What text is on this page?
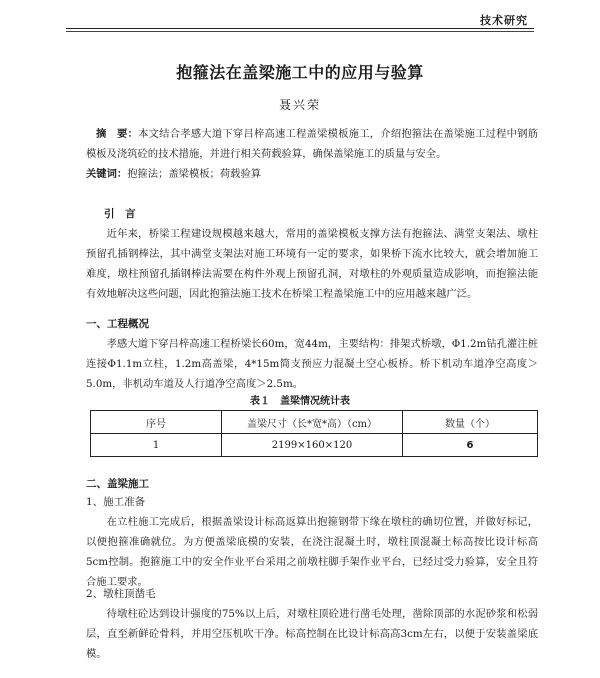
技术研究
抱箍法在盖梁施工中的应用与验算
聂兴荣
摘　要：本文结合孝感大道下穿吕梓高速工程盖梁模板施工，介绍抱箍法在盖梁施工过程中钢筋模板及浇筑砼的技术措施，并进行相关荷载验算，确保盖梁施工的质量与安全。
关键词：抱箍法；盖梁模板；荷载验算
引　言
近年来，桥梁工程建设规模越来越大，常用的盖梁模板支撑方法有抱箍法、满堂支架法、墩柱预留孔插钢棒法，其中满堂支架法对施工环境有一定的要求，如果桥下流水比较大，就会增加施工难度，墩柱预留孔插钢棒法需要在构件外观上预留孔洞，对墩柱的外观质量造成影响，而抱箍法能有效地解决这些问题，因此抱箍法施工技术在桥梁工程盖梁施工中的应用越来越广泛。
一、工程概况
孝感大道下穿吕梓高速工程桥梁长60m，宽44m，主要结构：排架式桥墩，Φ1.2m钻孔灌注桩连接Φ1.1m立柱，1.2m高盖梁，4*15m简支预应力混凝土空心板桥。桥下机动车道净空高度＞5.0m，非机动车道及人行道净空高度＞2.5m。
表１　盖梁情况统计表
序号	盖梁尺寸（长*宽*高）（cm）	数量（个）
1	2199×160×120	6
二、盖梁施工
1、施工准备
在立柱施工完成后，根据盖梁设计标高返算出抱箍钢带下缘在墩柱的确切位置，并做好标记，以便抱箍准确就位。为方便盖梁底模的安装，在浇注混凝土时，墩柱顶混凝土标高按比设计标高5cm控制。抱箍施工中的安全作业平台采用之前墩柱脚手架作业平台，已经过受力验算，安全且符合施工要求。
2、墩柱顶凿毛
待墩柱砼达到设计强度的75%以上后，对墩柱顶砼进行凿毛处理，凿除顶部的水泥砂浆和松弱层，直至新鲜砼骨料，并用空压机吹干净。标高控制在比设计标高高3cm左右，以便于安装盖梁底模。
